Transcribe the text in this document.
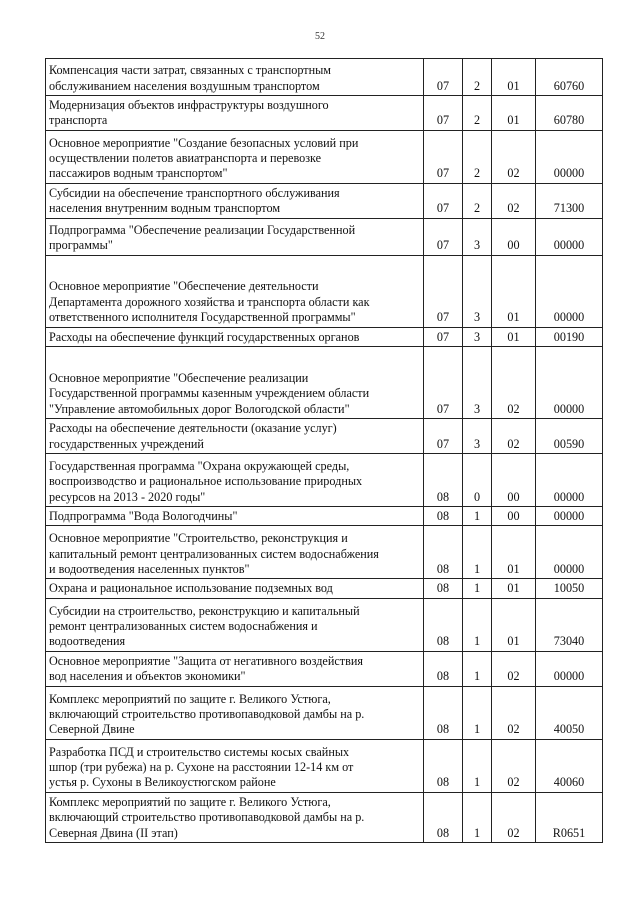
52
Компенсация части затрат, связанных с транспортным
обслуживанием населения воздушным транспортом	07	2	01	60760
Модернизация объектов инфраструктуры воздушного
транспорта	07	2	01	60780
Основное мероприятие "Создание безопасных условий при
осуществлении полетов авиатранспорта и перевозке
пассажиров водным транспортом"	07	2	02	00000
Субсидии на обеспечение транспортного обслуживания
населения внутренним водным транспортом	07	2	02	71300
Подпрограмма "Обеспечение реализации Государственной
программы"	07	3	00	00000

Основное мероприятие "Обеспечение деятельности
Департамента дорожного хозяйства и транспорта области как
ответственного исполнителя Государственной программы"	07	3	01	00000
Расходы на обеспечение функций государственных органов	07	3	01	00190

Основное мероприятие "Обеспечение реализации
Государственной программы казенным учреждением области
"Управление автомобильных дорог Вологодской области"	07	3	02	00000
Расходы на обеспечение деятельности (оказание услуг)
государственных учреждений	07	3	02	00590
Государственная программа "Охрана окружающей среды,
воспроизводство и рациональное использование природных
ресурсов на 2013 - 2020 годы"	08	0	00	00000
Подпрограмма "Вода Вологодчины"	08	1	00	00000
Основное мероприятие "Строительство, реконструкция и
капитальный ремонт централизованных систем водоснабжения
и водоотведения населенных пунктов"	08	1	01	00000
Охрана и рациональное использование подземных вод	08	1	01	10050
Субсидии на строительство, реконструкцию и капитальный
ремонт централизованных систем водоснабжения и
водоотведения	08	1	01	73040
Основное мероприятие "Защита от негативного воздействия
вод населения и объектов экономики"	08	1	02	00000
Комплекс мероприятий по защите г. Великого Устюга,
включающий строительство противопаводковой дамбы на р.
Северной Двине	08	1	02	40050
Разработка ПСД и строительство системы косых свайных
шпор (три рубежа) на р. Сухоне на расстоянии 12-14 км от
устья р. Сухоны в Великоустюгском районе	08	1	02	40060
Комплекс мероприятий по защите г. Великого Устюга,
включающий строительство противопаводковой дамбы на р.
Северная Двина (II этап)	08	1	02	R0651
